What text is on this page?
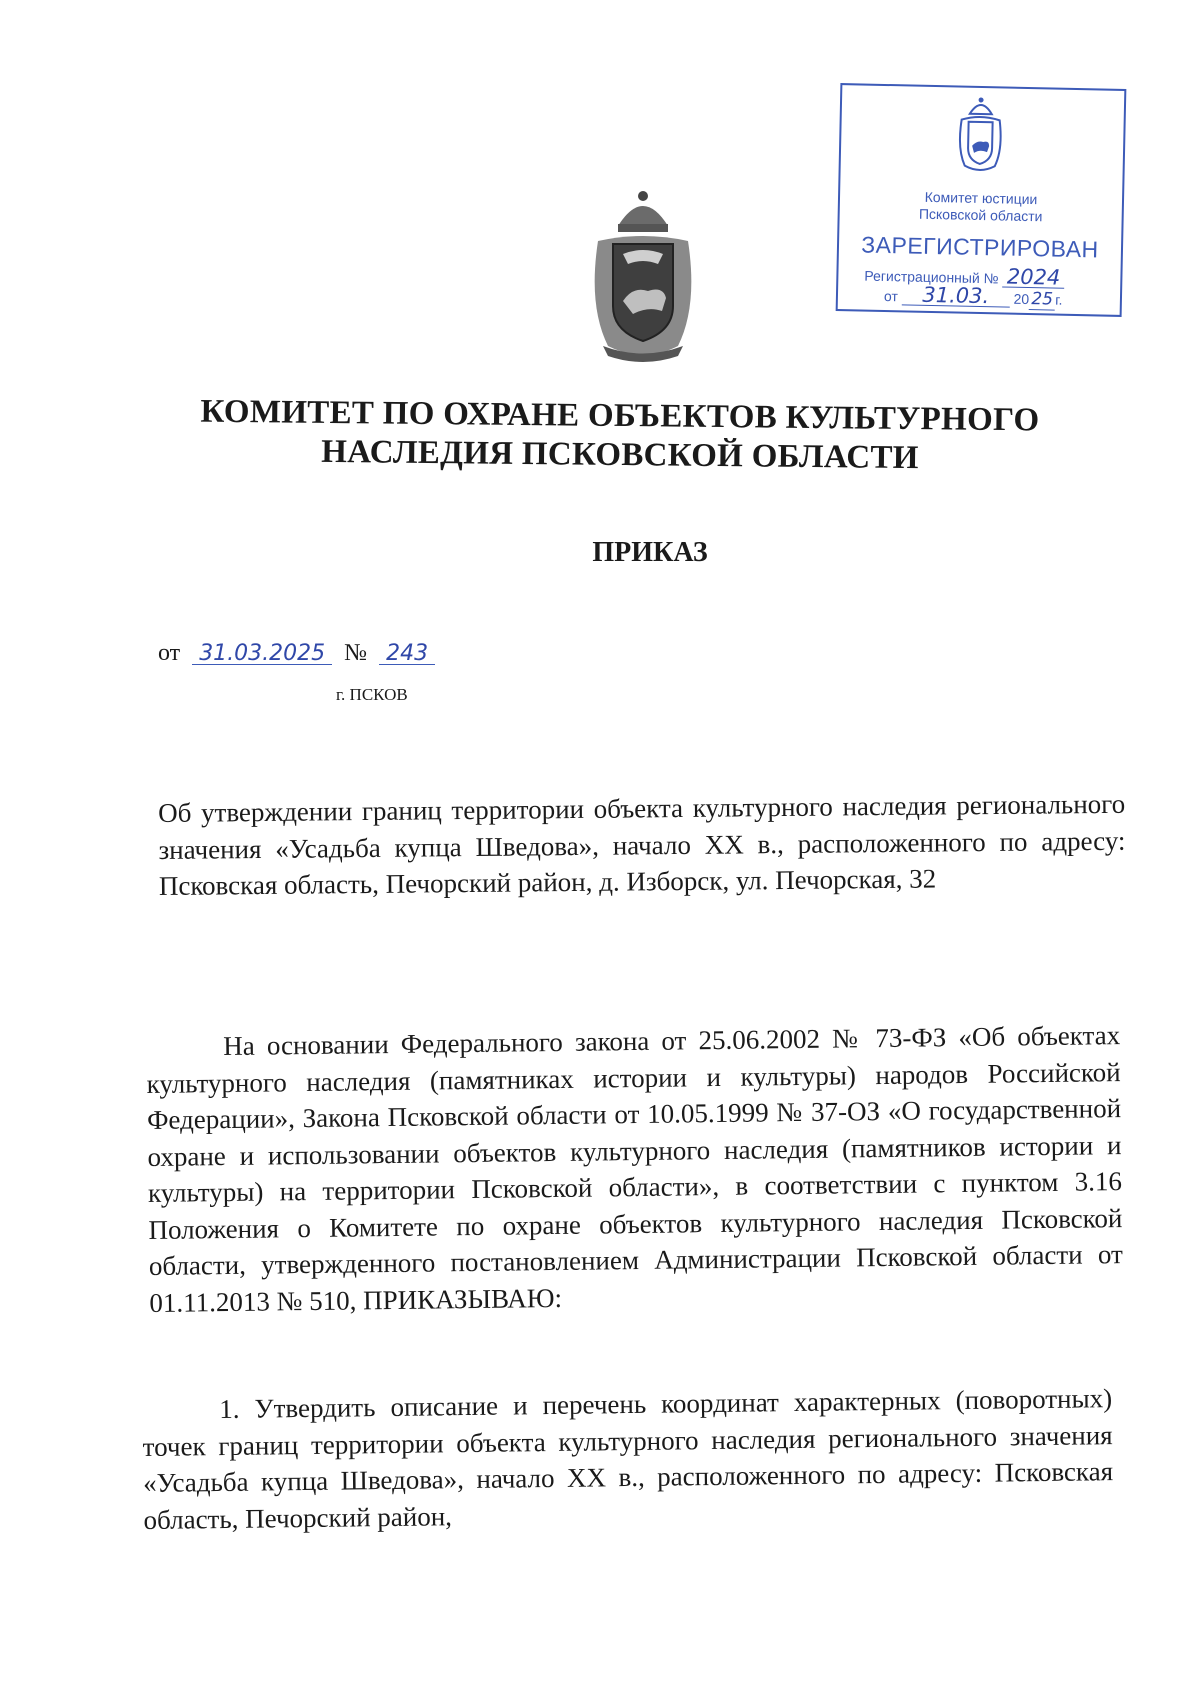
Комитет юстиции
Псковской области
ЗАРЕГИСТРИРОВАН
Регистрационный № 2024
от 31.03. 20 25 г.
КОМИТЕТ ПО ОХРАНЕ ОБЪЕКТОВ КУЛЬТУРНОГО
НАСЛЕДИЯ ПСКОВСКОЙ ОБЛАСТИ
ПРИКАЗ
от 31.03.2025 № 243
г. ПСКОВ
Об утверждении границ территории объекта культурного наследия регионального значения «Усадьба купца Шведова», начало XX в., расположенного по адресу: Псковская область, Печорский район, д. Изборск, ул. Печорская, 32
На основании Федерального закона от 25.06.2002 № 73-ФЗ «Об объектах культурного наследия (памятниках истории и культуры) народов Российской Федерации», Закона Псковской области от 10.05.1999 № 37-ОЗ «О государственной охране и использовании объектов культурного наследия (памятников истории и культуры) на территории Псковской области», в соответствии с пунктом 3.16 Положения о Комитете по охране объектов культурного наследия Псковской области, утвержденного постановлением Администрации Псковской области от 01.11.2013 № 510, ПРИКАЗЫВАЮ:
1. Утвердить описание и перечень координат характерных (поворотных) точек границ территории объекта культурного наследия регионального значения «Усадьба купца Шведова», начало XX в., расположенного по адресу: Псковская область, Печорский район,
